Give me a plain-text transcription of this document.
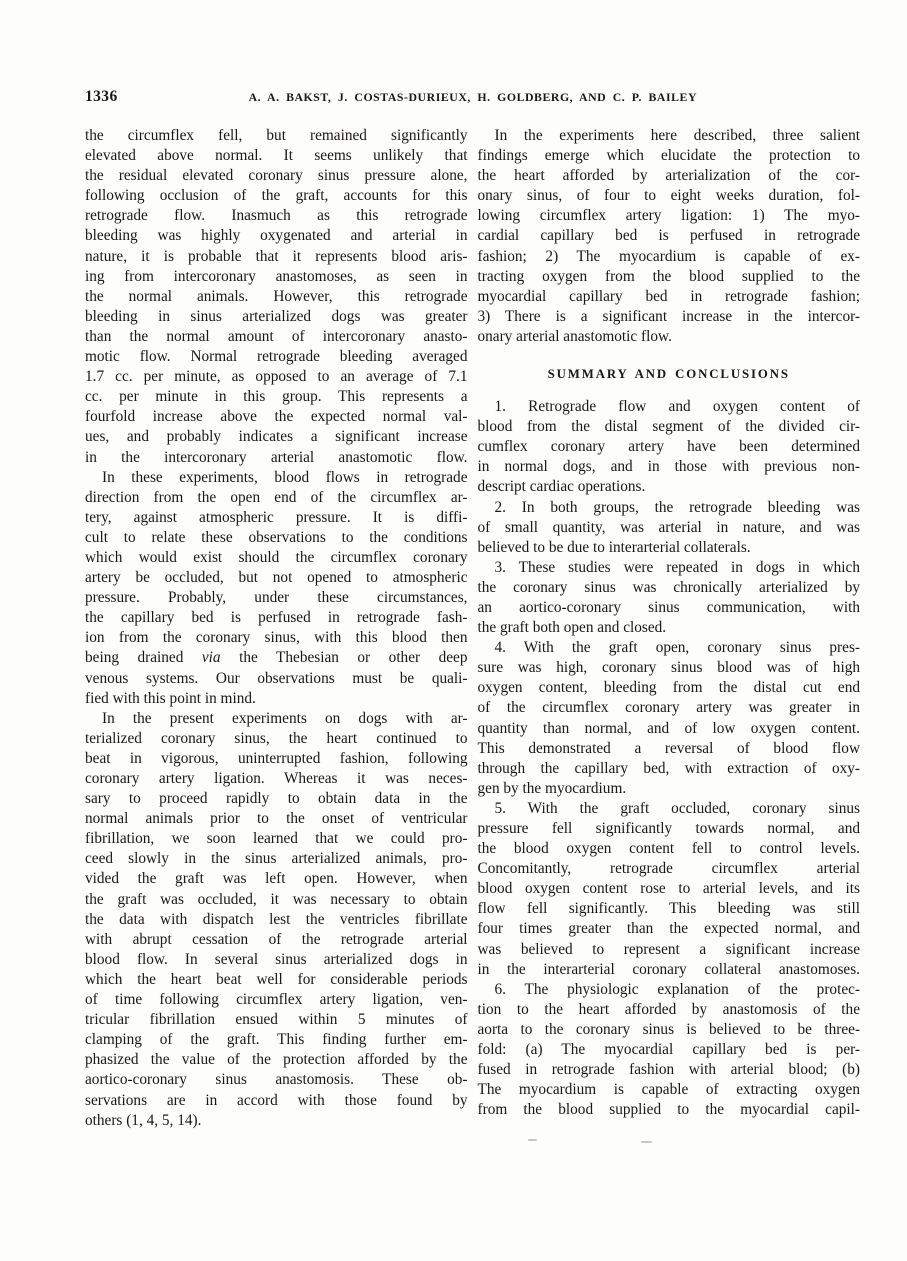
1336	A. A. BAKST, J. COSTAS-DURIEUX, H. GOLDBERG, AND C. P. BAILEY
the circumflex fell, but remained significantly
elevated above normal. It seems unlikely that
the residual elevated coronary sinus pressure alone,
following occlusion of the graft, accounts for this
retrograde flow. Inasmuch as this retrograde
bleeding was highly oxygenated and arterial in
nature, it is probable that it represents blood aris-
ing from intercoronary anastomoses, as seen in
the normal animals. However, this retrograde
bleeding in sinus arterialized dogs was greater
than the normal amount of intercoronary anasto-
motic flow. Normal retrograde bleeding averaged
1.7 cc. per minute, as opposed to an average of 7.1
cc. per minute in this group. This represents a
fourfold increase above the expected normal val-
ues, and probably indicates a significant increase
in the intercoronary arterial anastomotic flow.
In these experiments, blood flows in retrograde
direction from the open end of the circumflex ar-
tery, against atmospheric pressure. It is diffi-
cult to relate these observations to the conditions
which would exist should the circumflex coronary
artery be occluded, but not opened to atmospheric
pressure. Probably, under these circumstances,
the capillary bed is perfused in retrograde fash-
ion from the coronary sinus, with this blood then
being drained via the Thebesian or other deep
venous systems. Our observations must be quali-
fied with this point in mind.
In the present experiments on dogs with ar-
terialized coronary sinus, the heart continued to
beat in vigorous, uninterrupted fashion, following
coronary artery ligation. Whereas it was neces-
sary to proceed rapidly to obtain data in the
normal animals prior to the onset of ventricular
fibrillation, we soon learned that we could pro-
ceed slowly in the sinus arterialized animals, pro-
vided the graft was left open. However, when
the graft was occluded, it was necessary to obtain
the data with dispatch lest the ventricles fibrillate
with abrupt cessation of the retrograde arterial
blood flow. In several sinus arterialized dogs in
which the heart beat well for considerable periods
of time following circumflex artery ligation, ven-
tricular fibrillation ensued within 5 minutes of
clamping of the graft. This finding further em-
phasized the value of the protection afforded by the
aortico-coronary sinus anastomosis. These ob-
servations are in accord with those found by
others (1, 4, 5, 14).
In the experiments here described, three salient
findings emerge which elucidate the protection to
the heart afforded by arterialization of the cor-
onary sinus, of four to eight weeks duration, fol-
lowing circumflex artery ligation: 1) The myo-
cardial capillary bed is perfused in retrograde
fashion; 2) The myocardium is capable of ex-
tracting oxygen from the blood supplied to the
myocardial capillary bed in retrograde fashion;
3) There is a significant increase in the intercor-
onary arterial anastomotic flow.
SUMMARY AND CONCLUSIONS
1. Retrograde flow and oxygen content of
blood from the distal segment of the divided cir-
cumflex coronary artery have been determined
in normal dogs, and in those with previous non-
descript cardiac operations.
2. In both groups, the retrograde bleeding was
of small quantity, was arterial in nature, and was
believed to be due to interarterial collaterals.
3. These studies were repeated in dogs in which
the coronary sinus was chronically arterialized by
an aortico-coronary sinus communication, with
the graft both open and closed.
4. With the graft open, coronary sinus pres-
sure was high, coronary sinus blood was of high
oxygen content, bleeding from the distal cut end
of the circumflex coronary artery was greater in
quantity than normal, and of low oxygen content.
This demonstrated a reversal of blood flow
through the capillary bed, with extraction of oxy-
gen by the myocardium.
5. With the graft occluded, coronary sinus
pressure fell significantly towards normal, and
the blood oxygen content fell to control levels.
Concomitantly, retrograde circumflex arterial
blood oxygen content rose to arterial levels, and its
flow fell significantly. This bleeding was still
four times greater than the expected normal, and
was believed to represent a significant increase
in the interarterial coronary collateral anastomoses.
6. The physiologic explanation of the protec-
tion to the heart afforded by anastomosis of the
aorta to the coronary sinus is believed to be three-
fold: (a) The myocardial capillary bed is per-
fused in retrograde fashion with arterial blood; (b)
The myocardium is capable of extracting oxygen
from the blood supplied to the myocardial capil-
